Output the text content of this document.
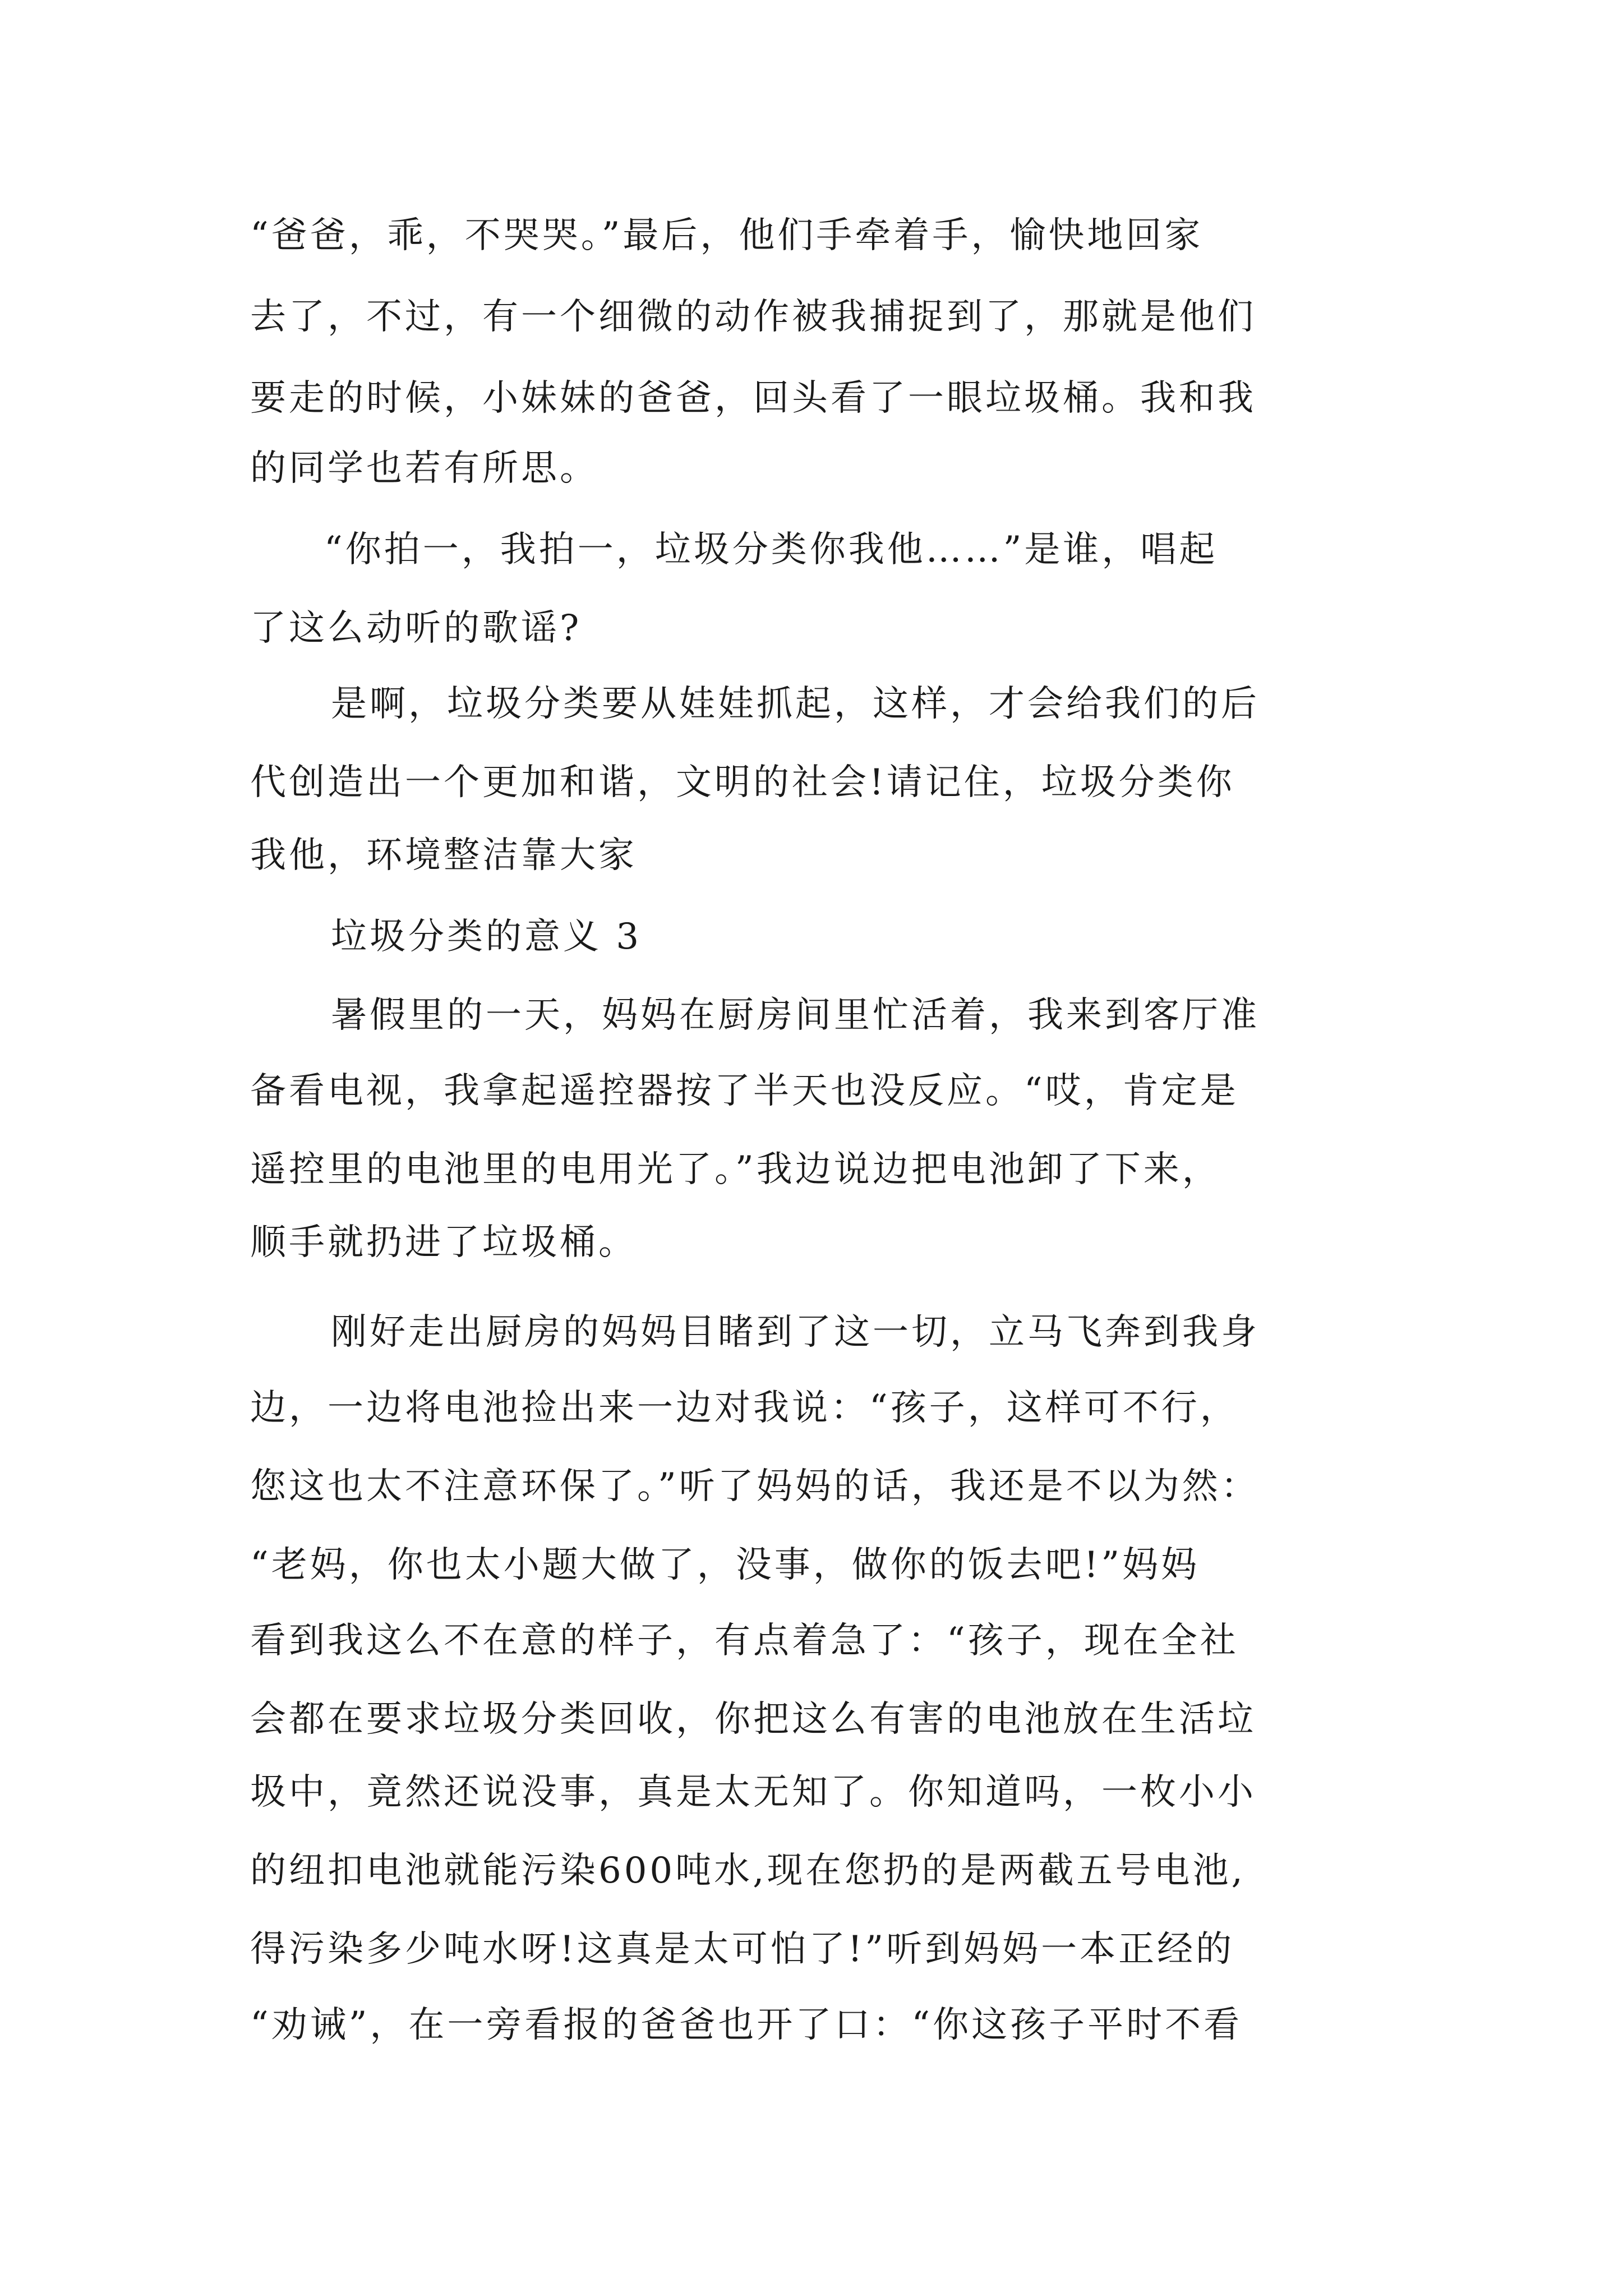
“爸爸，乖，不哭哭。”最后，他们手牵着手，愉快地回家

去了，不过，有一个细微的动作被我捕捉到了，那就是他们

要走的时候，小妹妹的爸爸，回头看了一眼垃圾桶。我和我

的同学也若有所思。

“你拍一，我拍一，垃圾分类你我他……”是谁，唱起

了这么动听的歌谣?

是啊，垃圾分类要从娃娃抓起，这样，才会给我们的后

代创造出一个更加和谐，文明的社会!请记住，垃圾分类你

我他，环境整洁靠大家

垃圾分类的意义 3

暑假里的一天，妈妈在厨房间里忙活着，我来到客厅准

备看电视，我拿起遥控器按了半天也没反应。“哎，肯定是

遥控里的电池里的电用光了。”我边说边把电池卸了下来，

顺手就扔进了垃圾桶。

刚好走出厨房的妈妈目睹到了这一切，立马飞奔到我身

边，一边将电池捡出来一边对我说：“孩子，这样可不行，

您这也太不注意环保了。”听了妈妈的话，我还是不以为然：

“老妈，你也太小题大做了，没事，做你的饭去吧!”妈妈

看到我这么不在意的样子，有点着急了：“孩子，现在全社

会都在要求垃圾分类回收，你把这么有害的电池放在生活垃

圾中，竟然还说没事，真是太无知了。你知道吗，一枚小小

的纽扣电池就能污染600吨水,现在您扔的是两截五号电池,

得污染多少吨水呀!这真是太可怕了!”听到妈妈一本正经的

“劝诫”，在一旁看报的爸爸也开了口：“你这孩子平时不看
